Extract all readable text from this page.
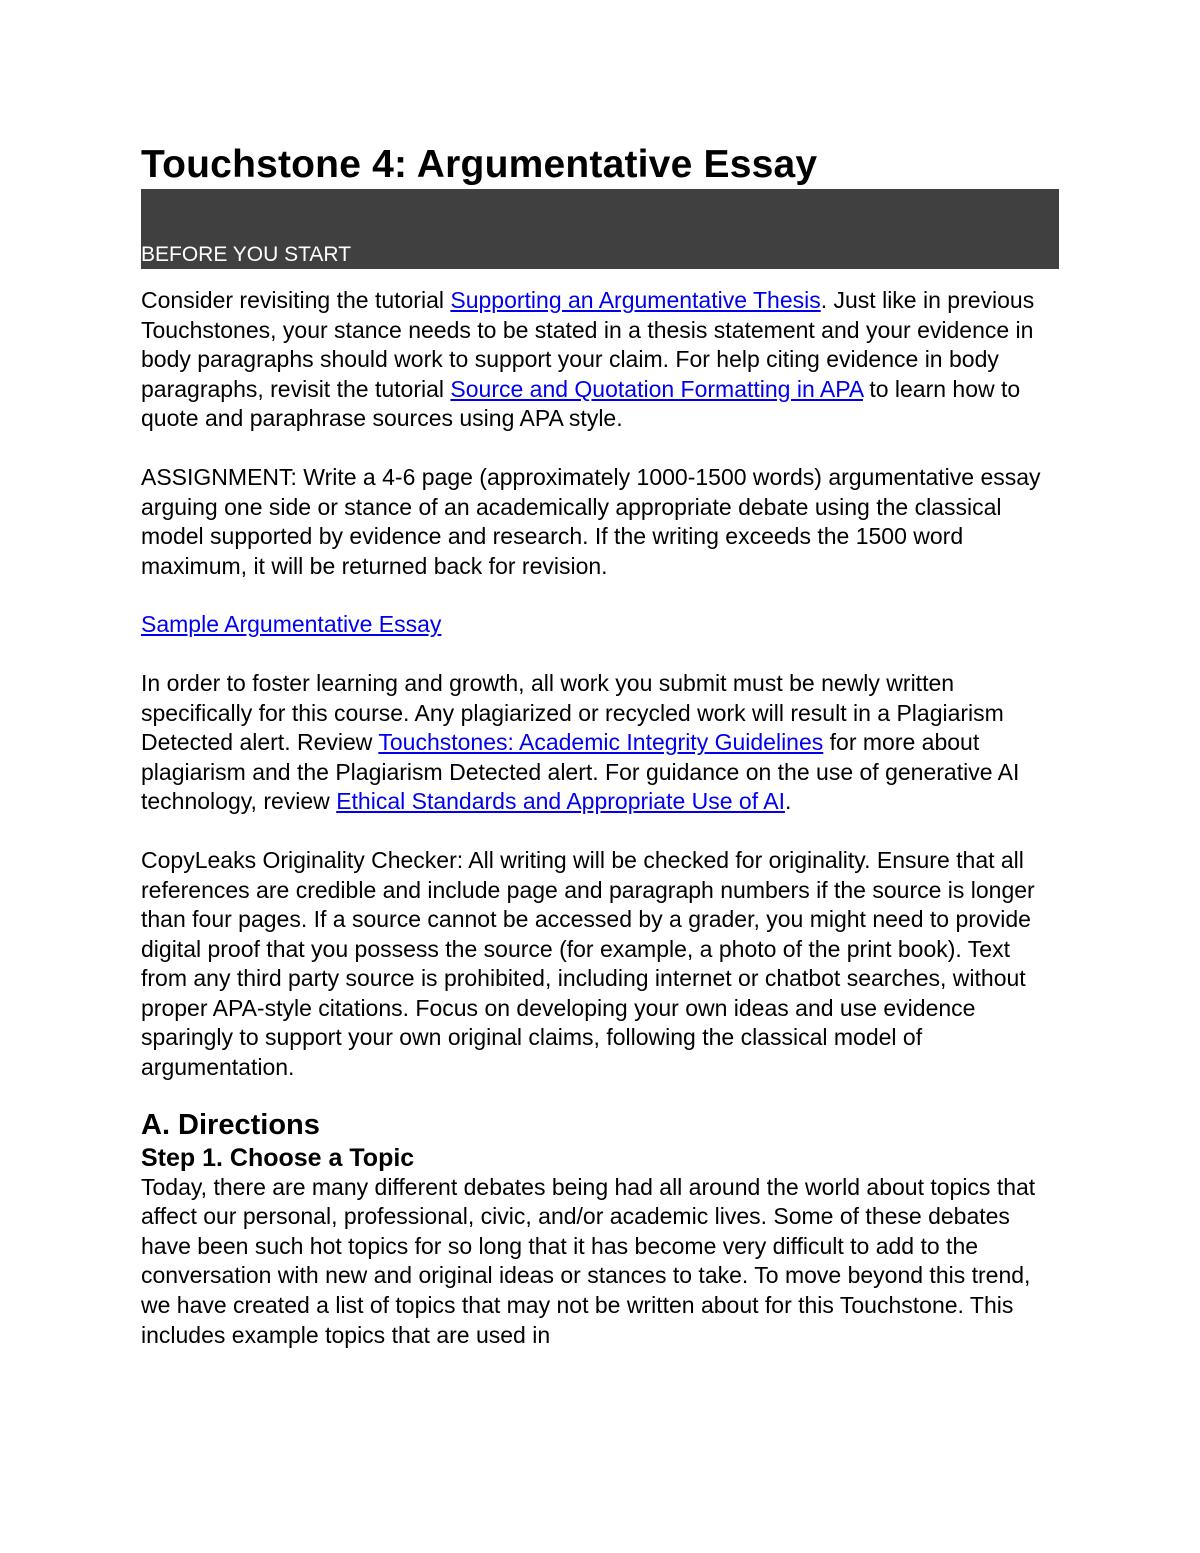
Touchstone 4: Argumentative Essay
BEFORE YOU START

Consider revisiting the tutorial Supporting an Argumentative Thesis. Just like in previous Touchstones, your stance needs to be stated in a thesis statement and your evidence in body paragraphs should work to support your claim. For help citing evidence in body paragraphs, revisit the tutorial Source and Quotation Formatting in APA to learn how to quote and paraphrase sources using APA style.

ASSIGNMENT: Write a 4-6 page (approximately 1000-1500 words) argumentative essay arguing one side or stance of an academically appropriate debate using the classical model supported by evidence and research. If the writing exceeds the 1500 word maximum, it will be returned back for revision.

Sample Argumentative Essay

In order to foster learning and growth, all work you submit must be newly written specifically for this course. Any plagiarized or recycled work will result in a Plagiarism Detected alert. Review Touchstones: Academic Integrity Guidelines for more about plagiarism and the Plagiarism Detected alert. For guidance on the use of generative AI technology, review Ethical Standards and Appropriate Use of AI.

CopyLeaks Originality Checker: All writing will be checked for originality. Ensure that all references are credible and include page and paragraph numbers if the source is longer than four pages. If a source cannot be accessed by a grader, you might need to provide digital proof that you possess the source (for example, a photo of the print book). Text from any third party source is prohibited, including internet or chatbot searches, without proper APA-style citations. Focus on developing your own ideas and use evidence sparingly to support your own original claims, following the classical model of argumentation.

A. Directions
Step 1. Choose a Topic

Today, there are many different debates being had all around the world about topics that affect our personal, professional, civic, and/or academic lives. Some of these debates have been such hot topics for so long that it has become very difficult to add to the conversation with new and original ideas or stances to take. To move beyond this trend, we have created a list of topics that may not be written about for this Touchstone. This includes example topics that are used in
